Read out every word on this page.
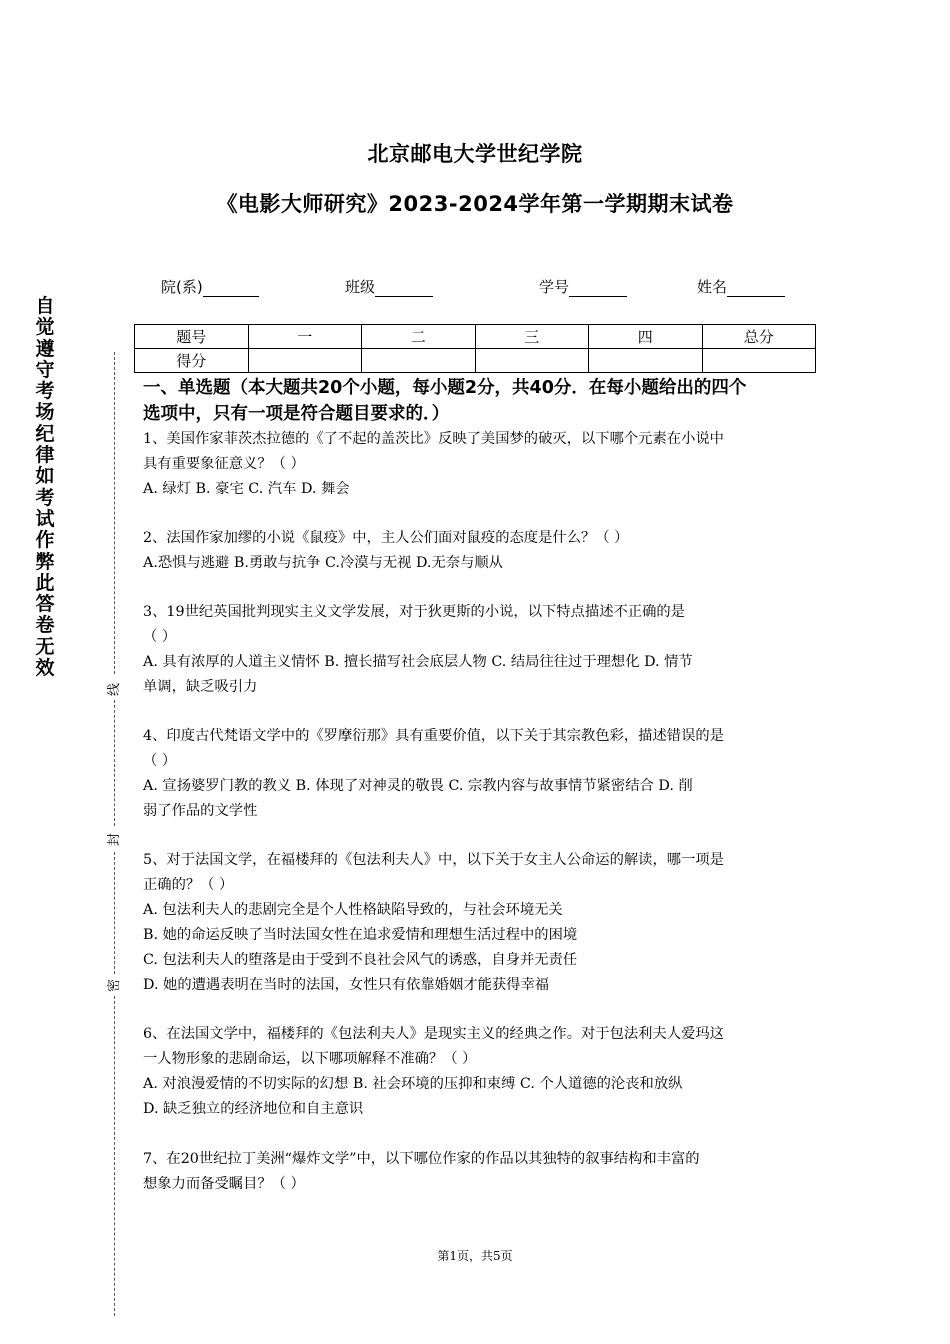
北京邮电大学世纪学院
《电影大师研究》2023-2024学年第一学期期末试卷
院(系)	班级	学号	姓名
题号	一	二	三	四	总分
得分					
自
觉
遵
守
考
场
纪
律
如
考
试
作
弊
此
答
卷
无
效
线
封
密
一、单选题（本大题共20个小题，每小题2分，共40分．在每小题给出的四个
选项中，只有一项是符合题目要求的．）
1、美国作家菲茨杰拉德的《了不起的盖茨比》反映了美国梦的破灭，以下哪个元素在小说中
具有重要象征意义？（ ）
A. 绿灯 B. 豪宅 C. 汽车 D. 舞会
2、法国作家加缪的小说《鼠疫》中，主人公们面对鼠疫的态度是什么？（ ）
A.恐惧与逃避 B.勇敢与抗争 C.冷漠与无视 D.无奈与顺从
3、19世纪英国批判现实主义文学发展，对于狄更斯的小说，以下特点描述不正确的是
（ ）
A. 具有浓厚的人道主义情怀 B. 擅长描写社会底层人物 C. 结局往往过于理想化 D. 情节
单调，缺乏吸引力
4、印度古代梵语文学中的《罗摩衍那》具有重要价值，以下关于其宗教色彩，描述错误的是
（ ）
A. 宣扬婆罗门教的教义 B. 体现了对神灵的敬畏 C. 宗教内容与故事情节紧密结合 D. 削
弱了作品的文学性
5、对于法国文学，在福楼拜的《包法利夫人》中，以下关于女主人公命运的解读，哪一项是
正确的？（ ）
A. 包法利夫人的悲剧完全是个人性格缺陷导致的，与社会环境无关
B. 她的命运反映了当时法国女性在追求爱情和理想生活过程中的困境
C. 包法利夫人的堕落是由于受到不良社会风气的诱惑，自身并无责任
D. 她的遭遇表明在当时的法国，女性只有依靠婚姻才能获得幸福
6、在法国文学中，福楼拜的《包法利夫人》是现实主义的经典之作。对于包法利夫人爱玛这
一人物形象的悲剧命运，以下哪项解释不准确？（ ）
A. 对浪漫爱情的不切实际的幻想 B. 社会环境的压抑和束缚 C. 个人道德的沦丧和放纵
D. 缺乏独立的经济地位和自主意识
7、在20世纪拉丁美洲“爆炸文学”中，以下哪位作家的作品以其独特的叙事结构和丰富的
想象力而备受瞩目？（ ）
第1页，共5页
